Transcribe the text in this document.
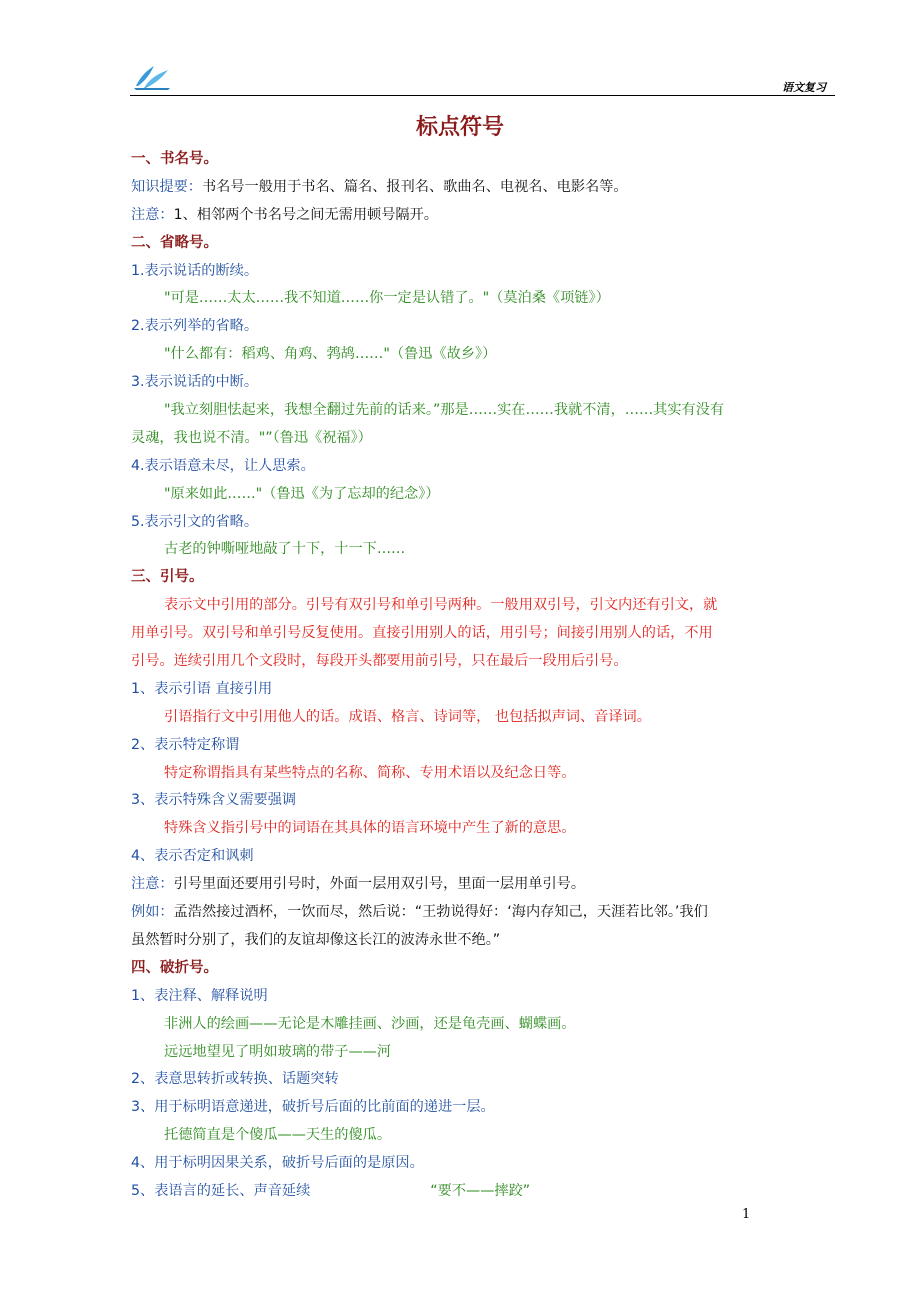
语文复习
标点符号
一、书名号。
知识提要：书名号一般用于书名、篇名、报刊名、歌曲名、电视名、电影名等。
注意：1、相邻两个书名号之间无需用顿号隔开。
二、省略号。
1.表示说话的断续。
"可是……太太……我不知道……你一定是认错了。"（莫泊桑《项链》）
2.表示列举的省略。
"什么都有：稻鸡、角鸡、鹁鸪……"（鲁迅《故乡》）
3.表示说话的中断。
"我立刻胆怯起来，我想全翻过先前的话来。”那是……实在……我就不清，……其实有没有
灵魂，我也说不清。"”（鲁迅《祝福》）
4.表示语意未尽，让人思索。
"原来如此……"（鲁迅《为了忘却的纪念》）
5.表示引文的省略。
古老的钟嘶哑地敲了十下，十一下……
三、引号。
表示文中引用的部分。引号有双引号和单引号两种。一般用双引号，引文内还有引文，就
用单引号。双引号和单引号反复使用。直接引用别人的话，用引号；间接引用别人的话，不用
引号。连续引用几个文段时，每段开头都要用前引号，只在最后一段用后引号。
1、表示引语 直接引用
引语指行文中引用他人的话。成语、格言、诗词等， 也包括拟声词、音译词。
2、表示特定称谓
特定称谓指具有某些特点的名称、简称、专用术语以及纪念日等。
3、表示特殊含义需要强调
特殊含义指引号中的词语在其具体的语言环境中产生了新的意思。
4、表示否定和讽刺
注意：引号里面还要用引号时，外面一层用双引号，里面一层用单引号。
例如：孟浩然接过酒杯，一饮而尽，然后说：“王勃说得好：‘海内存知己，天涯若比邻。’我们
虽然暂时分别了，我们的友谊却像这长江的波涛永世不绝。”
四、破折号。
1、表注释、解释说明
非洲人的绘画——无论是木雕挂画、沙画，还是龟壳画、蝴蝶画。
远远地望见了明如玻璃的带子——河
2、表意思转折或转换、话题突转
3、用于标明语意递进，破折号后面的比前面的递进一层。
托德简直是个傻瓜——天生的傻瓜。
4、用于标明因果关系，破折号后面的是原因。
5、表语言的延长、声音延续	“要不——摔跤”
1
